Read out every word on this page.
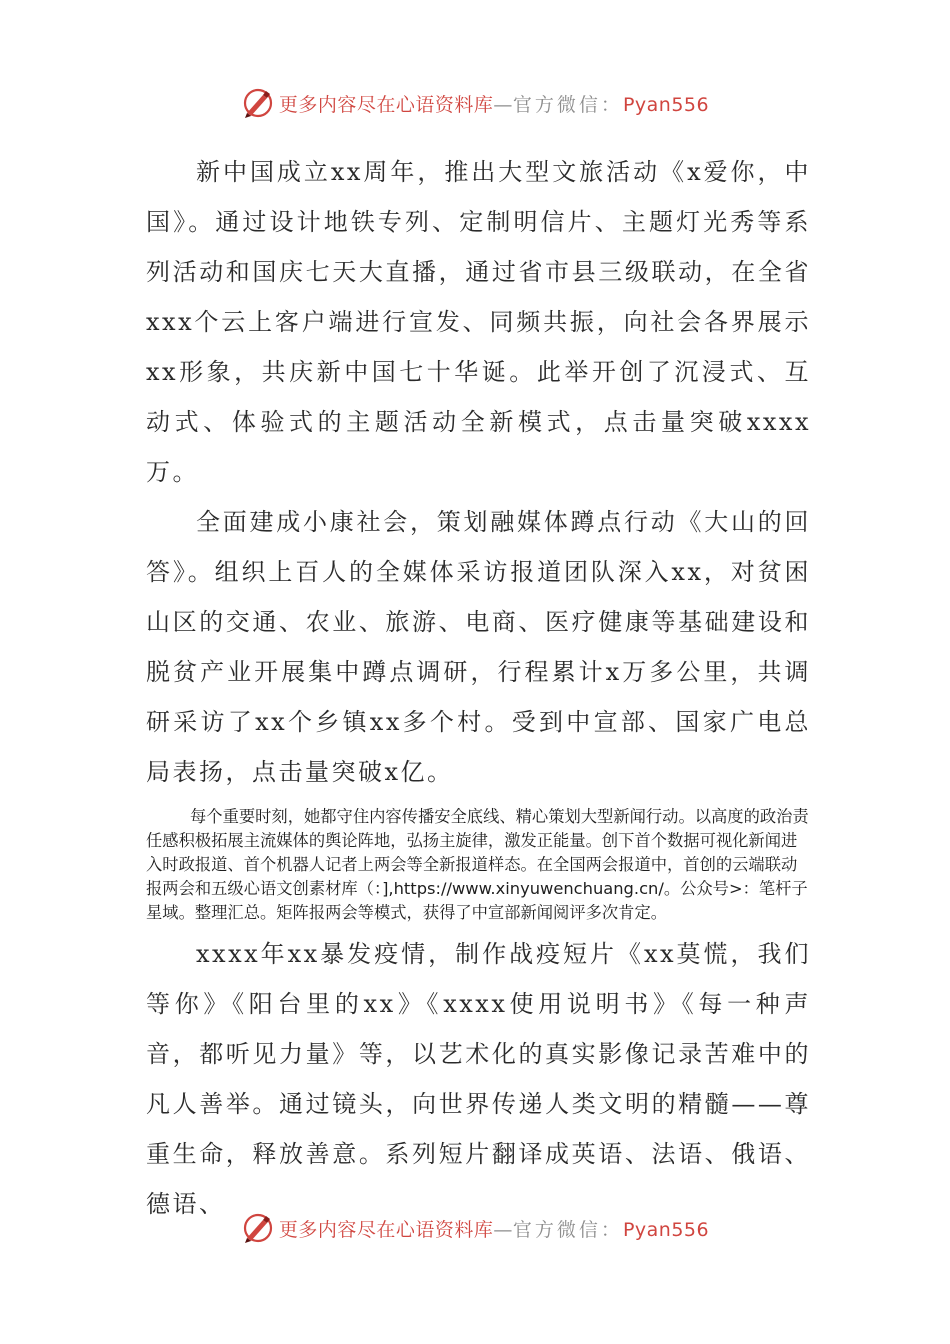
更多内容尽在心语资料库—官方微信：Pyan556

新中国成立xx周年，推出大型文旅活动《x爱你，中国》。通过设计地铁专列、定制明信片、主题灯光秀等系列活动和国庆七天大直播，通过省市县三级联动，在全省xxx个云上客户端进行宣发、同频共振，向社会各界展示xx形象，共庆新中国七十华诞。此举开创了沉浸式、互动式、体验式的主题活动全新模式，点击量突破xxxx万。

全面建成小康社会，策划融媒体蹲点行动《大山的回答》。组织上百人的全媒体采访报道团队深入xx，对贫困山区的交通、农业、旅游、电商、医疗健康等基础建设和脱贫产业开展集中蹲点调研，行程累计x万多公里，共调研采访了xx个乡镇xx多个村。受到中宣部、国家广电总局表扬，点击量突破x亿。

每个重要时刻，她都守住内容传播安全底线、精心策划大型新闻行动。以高度的政治责任感积极拓展主流媒体的舆论阵地，弘扬主旋律，激发正能量。创下首个数据可视化新闻进入时政报道、首个机器人记者上两会等全新报道样态。在全国两会报道中，首创的云端联动报两会和五级心语文创素材库（：],https://www.xinyuwenchuang.cn/。公众号>：笔杆子星域。整理汇总。矩阵报两会等模式，获得了中宣部新闻阅评多次肯定。

xxxx年xx暴发疫情，制作战疫短片《xx莫慌，我们等你》《阳台里的xx》《xxxx使用说明书》《每一种声音，都听见力量》等，以艺术化的真实影像记录苦难中的凡人善举。通过镜头，向世界传递人类文明的精髓——尊重生命，释放善意。系列短片翻译成英语、法语、俄语、德语、

更多内容尽在心语资料库—官方微信：Pyan556
